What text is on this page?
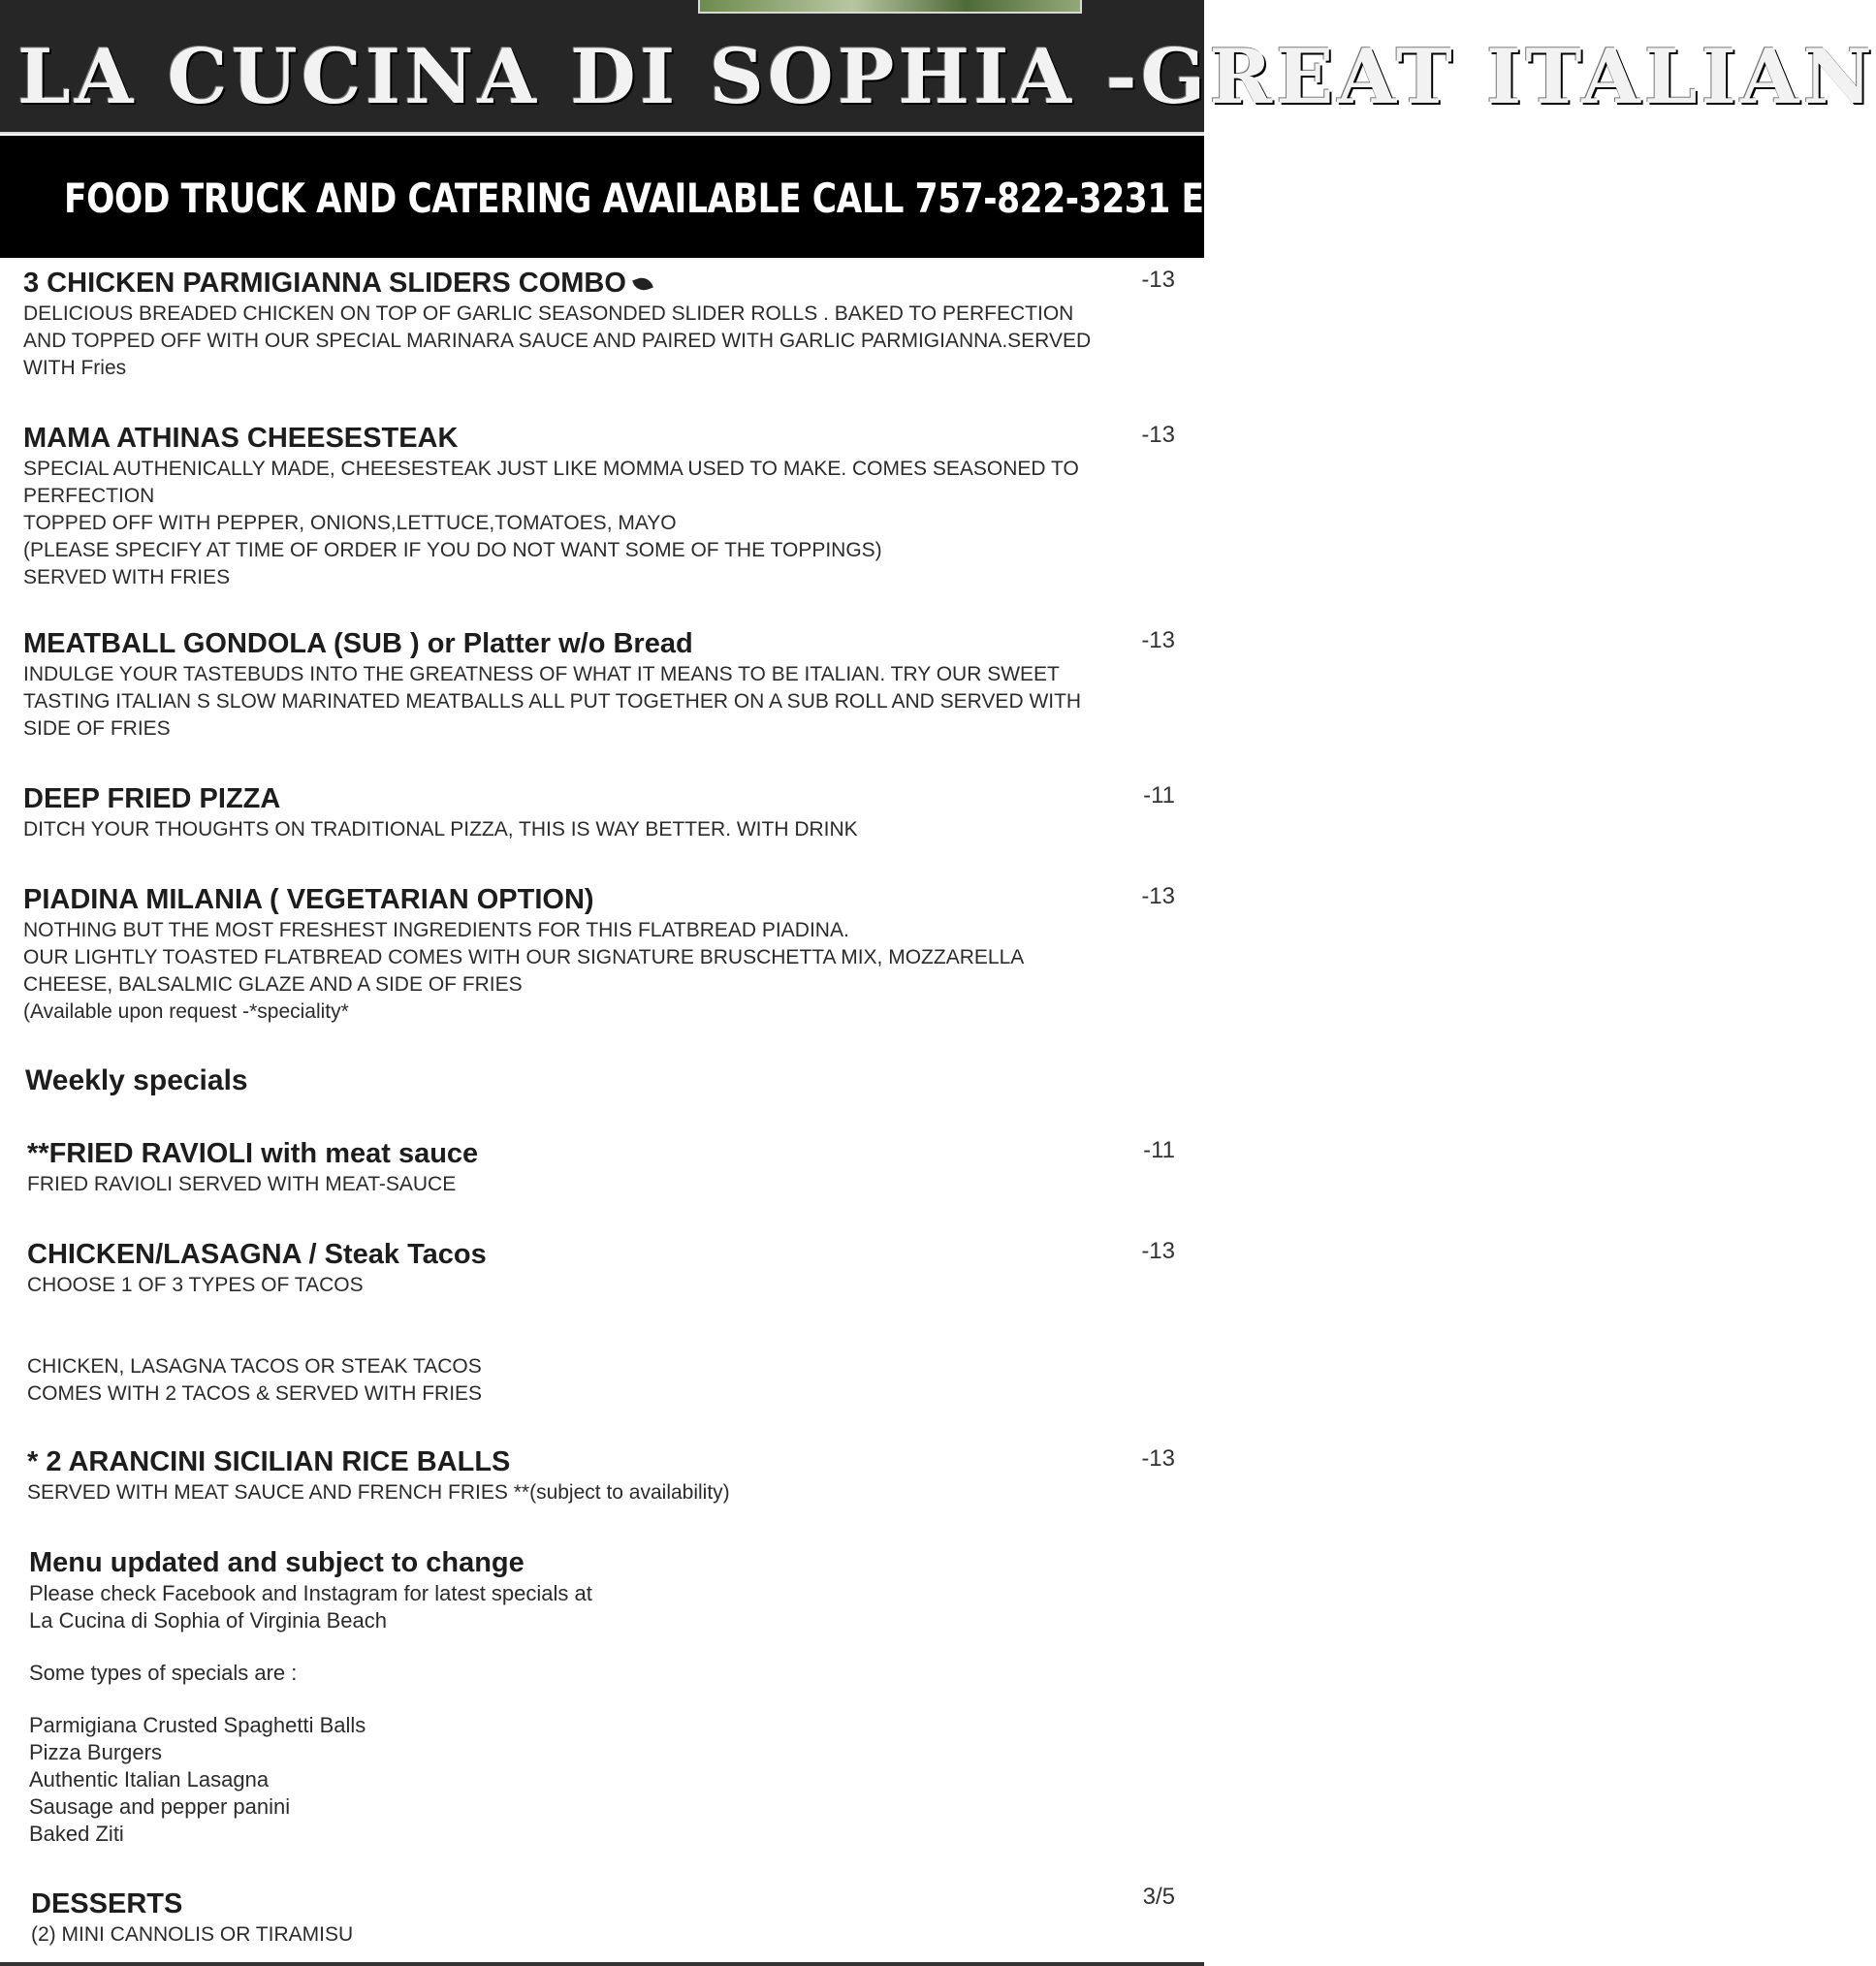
LA CUCINA DI SOPHIA -GREAT ITALIAN
FOOD TRUCK AND CATERING AVAILABLE CALL 757-822-3231 EMAIL: LACUCINADISOPHIA
3 CHICKEN PARMIGIANNA SLIDERS COMBO
DELICIOUS BREADED CHICKEN ON TOP OF GARLIC SEASONDED SLIDER ROLLS . BAKED TO PERFECTION
AND TOPPED OFF WITH OUR SPECIAL MARINARA SAUCE AND PAIRED WITH GARLIC PARMIGIANNA.SERVED
WITH Fries
-13
MAMA ATHINAS CHEESESTEAK
SPECIAL AUTHENICALLY MADE, CHEESESTEAK JUST LIKE MOMMA USED TO MAKE. COMES SEASONED TO
PERFECTION
TOPPED OFF WITH PEPPER, ONIONS,LETTUCE,TOMATOES, MAYO
(PLEASE SPECIFY AT TIME OF ORDER IF YOU DO NOT WANT SOME OF THE TOPPINGS)
SERVED WITH FRIES
-13
MEATBALL GONDOLA (SUB ) or Platter w/o Bread
INDULGE YOUR TASTEBUDS INTO THE GREATNESS OF WHAT IT MEANS TO BE ITALIAN. TRY OUR SWEET
TASTING ITALIAN S SLOW MARINATED MEATBALLS ALL PUT TOGETHER ON A SUB ROLL AND SERVED WITH
SIDE OF FRIES
-13
DEEP FRIED PIZZA
DITCH YOUR THOUGHTS ON TRADITIONAL PIZZA, THIS IS WAY BETTER. WITH DRINK
-11
PIADINA MILANIA ( VEGETARIAN OPTION)
NOTHING BUT THE MOST FRESHEST INGREDIENTS FOR THIS FLATBREAD PIADINA.
OUR LIGHTLY TOASTED FLATBREAD COMES WITH OUR SIGNATURE BRUSCHETTA MIX, MOZZARELLA
CHEESE, BALSALMIC GLAZE AND A SIDE OF FRIES
(Available upon request -*speciality*
-13
Weekly specials
**FRIED RAVIOLI with meat sauce
FRIED RAVIOLI SERVED WITH MEAT-SAUCE
-11
CHICKEN/LASAGNA / Steak Tacos
CHOOSE 1 OF 3 TYPES OF TACOS

CHICKEN, LASAGNA TACOS OR STEAK TACOS
COMES WITH 2 TACOS & SERVED WITH FRIES
-13
* 2 ARANCINI SICILIAN RICE BALLS
SERVED WITH MEAT SAUCE AND FRENCH FRIES **(subject to availability)
-13
Menu updated and subject to change
Please check Facebook and Instagram for latest specials at
La Cucina di Sophia of Virginia Beach
Some types of specials are :
Parmigiana Crusted Spaghetti Balls
Pizza Burgers
Authentic Italian Lasagna
Sausage and pepper panini
Baked Ziti
DESSERTS
(2) MINI CANNOLIS OR TIRAMISU
3/5
